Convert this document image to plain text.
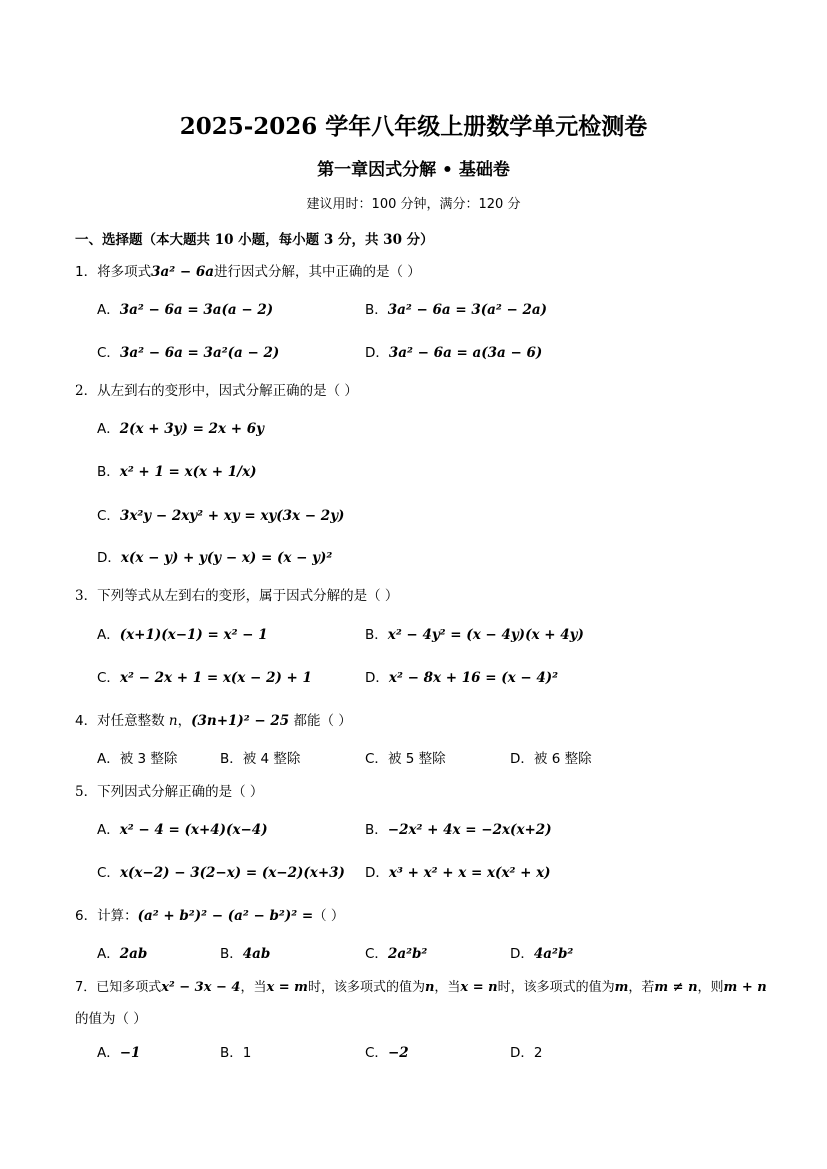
2025-2026 学年八年级上册数学单元检测卷
第一章因式分解 • 基础卷
建议用时：100 分钟，满分：120 分
一、选择题（本大题共 10 小题，每小题 3 分，共 30 分）
1．将多项式3a² − 6a进行因式分解，其中正确的是（ ）
A．3a² − 6a = 3a(a − 2)	B．3a² − 6a = 3(a² − 2a)
C．3a² − 6a = 3a²(a − 2)	D．3a² − 6a = a(3a − 6)
2．从左到右的变形中，因式分解正确的是（ ）
A．2(x + 3y) = 2x + 6y
B．x² + 1 = x(x + 1/x)
C．3x²y − 2xy² + xy = xy(3x − 2y)
D．x(x − y) + y(y − x) = (x − y)²
3．下列等式从左到右的变形，属于因式分解的是（ ）
A．(x+1)(x−1) = x² − 1	B．x² − 4y² = (x − 4y)(x + 4y)
C．x² − 2x + 1 = x(x − 2) + 1	D．x² − 8x + 16 = (x − 4)²
4．对任意整数 n，(3n+1)² − 25 都能（ ）
A．被 3 整除	B．被 4 整除	C．被 5 整除	D．被 6 整除
5．下列因式分解正确的是（ ）
A．x² − 4 = (x+4)(x−4)	B．−2x² + 4x = −2x(x+2)
C．x(x−2) − 3(2−x) = (x−2)(x+3) D．x³ + x² + x = x(x² + x)
6．计算：(a² + b²)² − (a² − b²)² =（ ）
A．2ab	B．4ab	C．2a²b²	D．4a²b²
7．已知多项式x² − 3x − 4，当x = m时，该多项式的值为n，当x = n时，该多项式的值为m，若m ≠ n，则m + n
的值为（ ）
A．−1	B．1	C．−2	D．2
